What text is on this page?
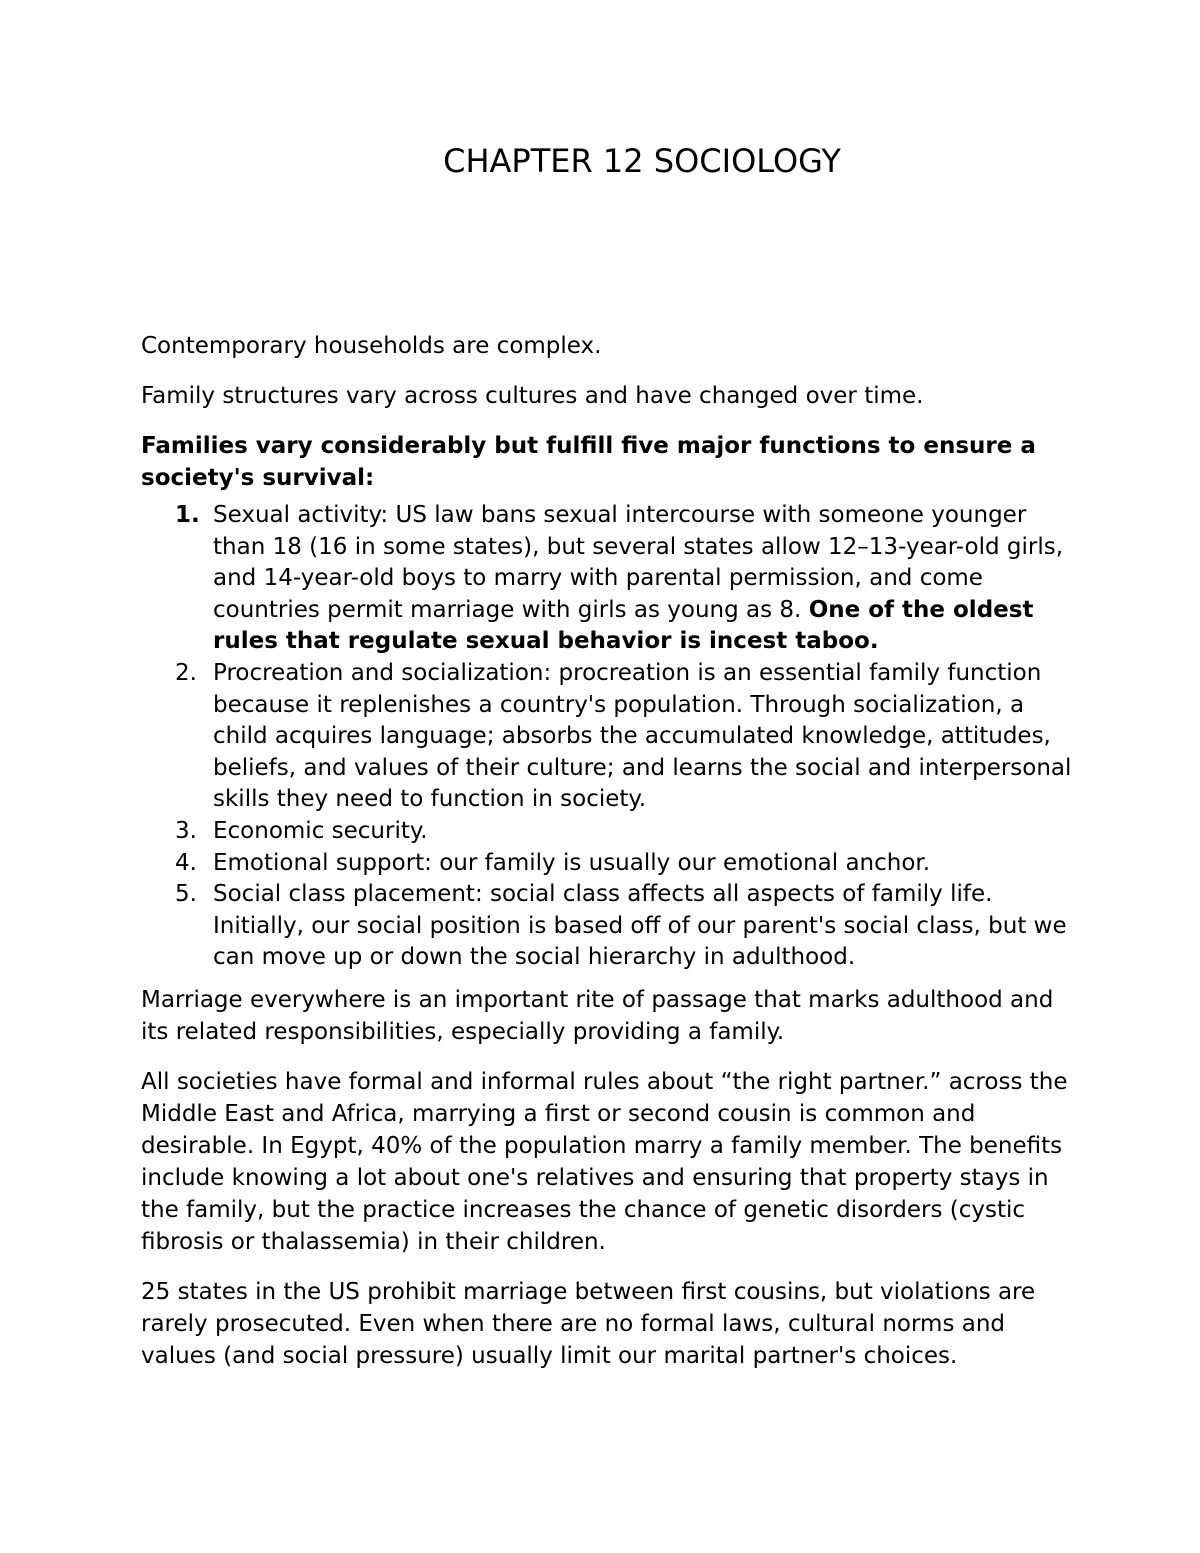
CHAPTER 12 SOCIOLOGY

Contemporary households are complex.

Family structures vary across cultures and have changed over time.

Families vary considerably but fulfill five major functions to ensure a society's survival:

1. Sexual activity: US law bans sexual intercourse with someone younger than 18 (16 in some states), but several states allow 12–13-year-old girls, and 14-year-old boys to marry with parental permission, and come countries permit marriage with girls as young as 8. One of the oldest rules that regulate sexual behavior is incest taboo.
2. Procreation and socialization: procreation is an essential family function because it replenishes a country's population. Through socialization, a child acquires language; absorbs the accumulated knowledge, attitudes, beliefs, and values of their culture; and learns the social and interpersonal skills they need to function in society.
3. Economic security.
4. Emotional support: our family is usually our emotional anchor.
5. Social class placement: social class affects all aspects of family life. Initially, our social position is based off of our parent's social class, but we can move up or down the social hierarchy in adulthood.

Marriage everywhere is an important rite of passage that marks adulthood and its related responsibilities, especially providing a family.

All societies have formal and informal rules about “the right partner.” across the Middle East and Africa, marrying a first or second cousin is common and desirable. In Egypt, 40% of the population marry a family member. The benefits include knowing a lot about one's relatives and ensuring that property stays in the family, but the practice increases the chance of genetic disorders (cystic fibrosis or thalassemia) in their children.

25 states in the US prohibit marriage between first cousins, but violations are rarely prosecuted. Even when there are no formal laws, cultural norms and values (and social pressure) usually limit our marital partner's choices.
